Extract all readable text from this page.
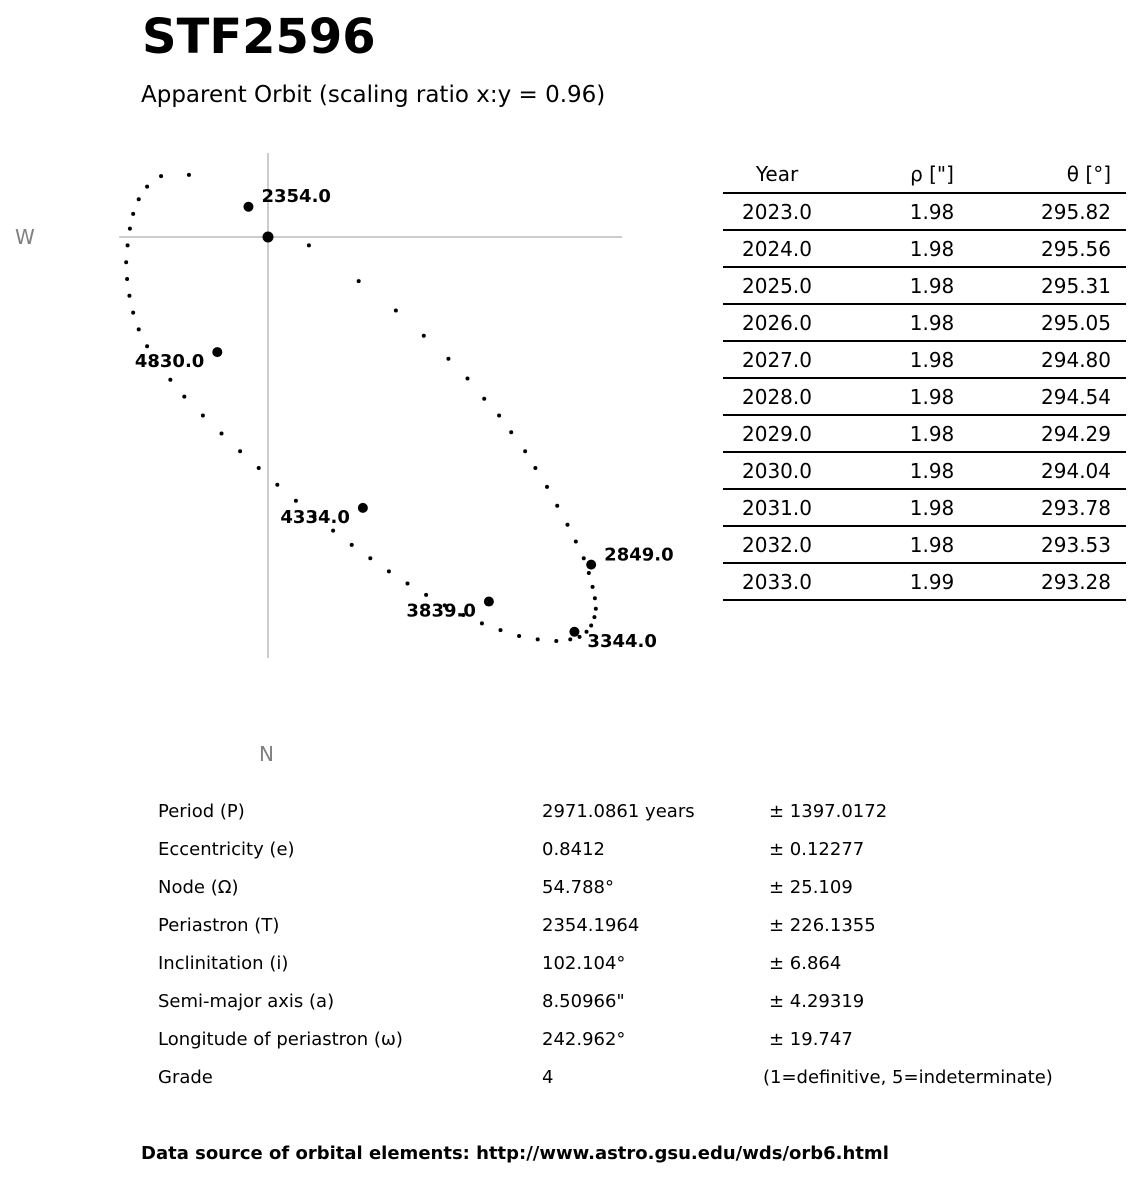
STF2596
Apparent Orbit (scaling ratio x:y = 0.96)
2354.0
2849.0
3344.0
3839.0
4334.0
4830.0
W
N
Year	ρ ["]	θ [°]
2023.0	1.98	295.82
2024.0	1.98	295.56
2025.0	1.98	295.31
2026.0	1.98	295.05
2027.0	1.98	294.80
2028.0	1.98	294.54
2029.0	1.98	294.29
2030.0	1.98	294.04
2031.0	1.98	293.78
2032.0	1.98	293.53
2033.0	1.99	293.28
Period (P)	2971.0861 years	± 1397.0172
Eccentricity (e)	0.8412	± 0.12277
Node (Ω)	54.788°	± 25.109
Periastron (T)	2354.1964	± 226.1355
Inclinitation (i)	102.104°	± 6.864
Semi-major axis (a)	8.50966"	± 4.29319
Longitude of periastron (ω)	242.962°	± 19.747
Grade	4	(1=definitive, 5=indeterminate)
Data source of orbital elements: http://www.astro.gsu.edu/wds/orb6.html
